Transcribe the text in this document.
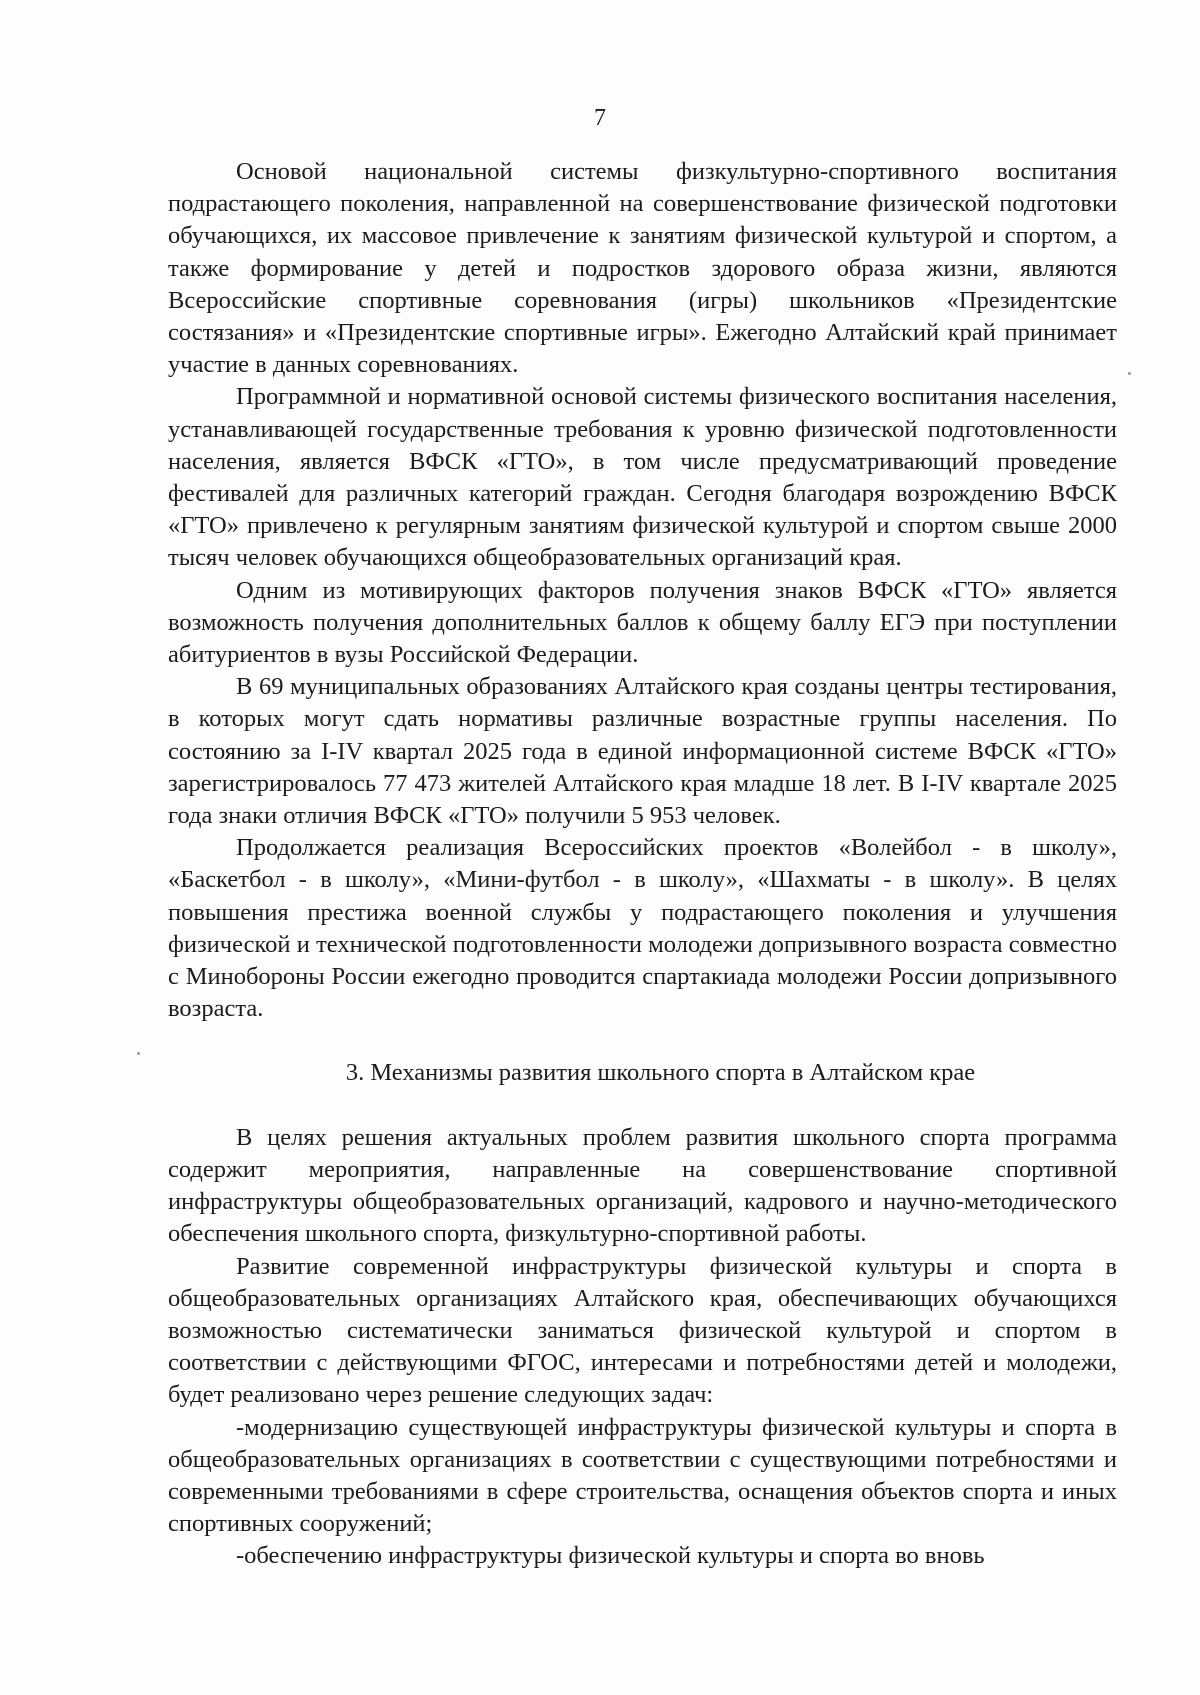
7

Основой национальной системы физкультурно-спортивного воспитания подрастающего поколения, направленной на совершенствование физической подготовки обучающихся, их массовое привлечение к занятиям физической культурой и спортом, а также формирование у детей и подростков здорового образа жизни, являются Всероссийские спортивные соревнования (игры) школьников «Президентские состязания» и «Президентские спортивные игры». Ежегодно Алтайский край принимает участие в данных соревнованиях.

Программной и нормативной основой системы физического воспитания населения, устанавливающей государственные требования к уровню физической подготовленности населения, является ВФСК «ГТО», в том числе предусматривающий проведение фестивалей для различных категорий граждан. Сегодня благодаря возрождению ВФСК «ГТО» привлечено к регулярным занятиям физической культурой и спортом свыше 2000 тысяч человек обучающихся общеобразовательных организаций края.

Одним из мотивирующих факторов получения знаков ВФСК «ГТО» является возможность получения дополнительных баллов к общему баллу ЕГЭ при поступлении абитуриентов в вузы Российской Федерации.

В 69 муниципальных образованиях Алтайского края созданы центры тестирования, в которых могут сдать нормативы различные возрастные группы населения. По состоянию за I-IV квартал 2025 года в единой информационной системе ВФСК «ГТО» зарегистрировалось 77 473 жителей Алтайского края младше 18 лет. В I-IV квартале 2025 года знаки отличия ВФСК «ГТО» получили 5 953 человек.

Продолжается реализация Всероссийских проектов «Волейбол - в школу», «Баскетбол - в школу», «Мини-футбол - в школу», «Шахматы - в школу». В целях повышения престижа военной службы у подрастающего поколения и улучшения физической и технической подготовленности молодежи допризывного возраста совместно с Минобороны России ежегодно проводится спартакиада молодежи России допризывного возраста.

3. Механизмы развития школьного спорта в Алтайском крае

В целях решения актуальных проблем развития школьного спорта программа содержит мероприятия, направленные на совершенствование спортивной инфраструктуры общеобразовательных организаций, кадрового и научно-методического обеспечения школьного спорта, физкультурно-спортивной работы.

Развитие современной инфраструктуры физической культуры и спорта в общеобразовательных организациях Алтайского края, обеспечивающих обучающихся возможностью систематически заниматься физической культурой и спортом в соответствии с действующими ФГОС, интересами и потребностями детей и молодежи, будет реализовано через решение следующих задач:

-модернизацию существующей инфраструктуры физической культуры и спорта в общеобразовательных организациях в соответствии с существующими потребностями и современными требованиями в сфере строительства, оснащения объектов спорта и иных спортивных сооружений;

-обеспечению инфраструктуры физической культуры и спорта во вновь
